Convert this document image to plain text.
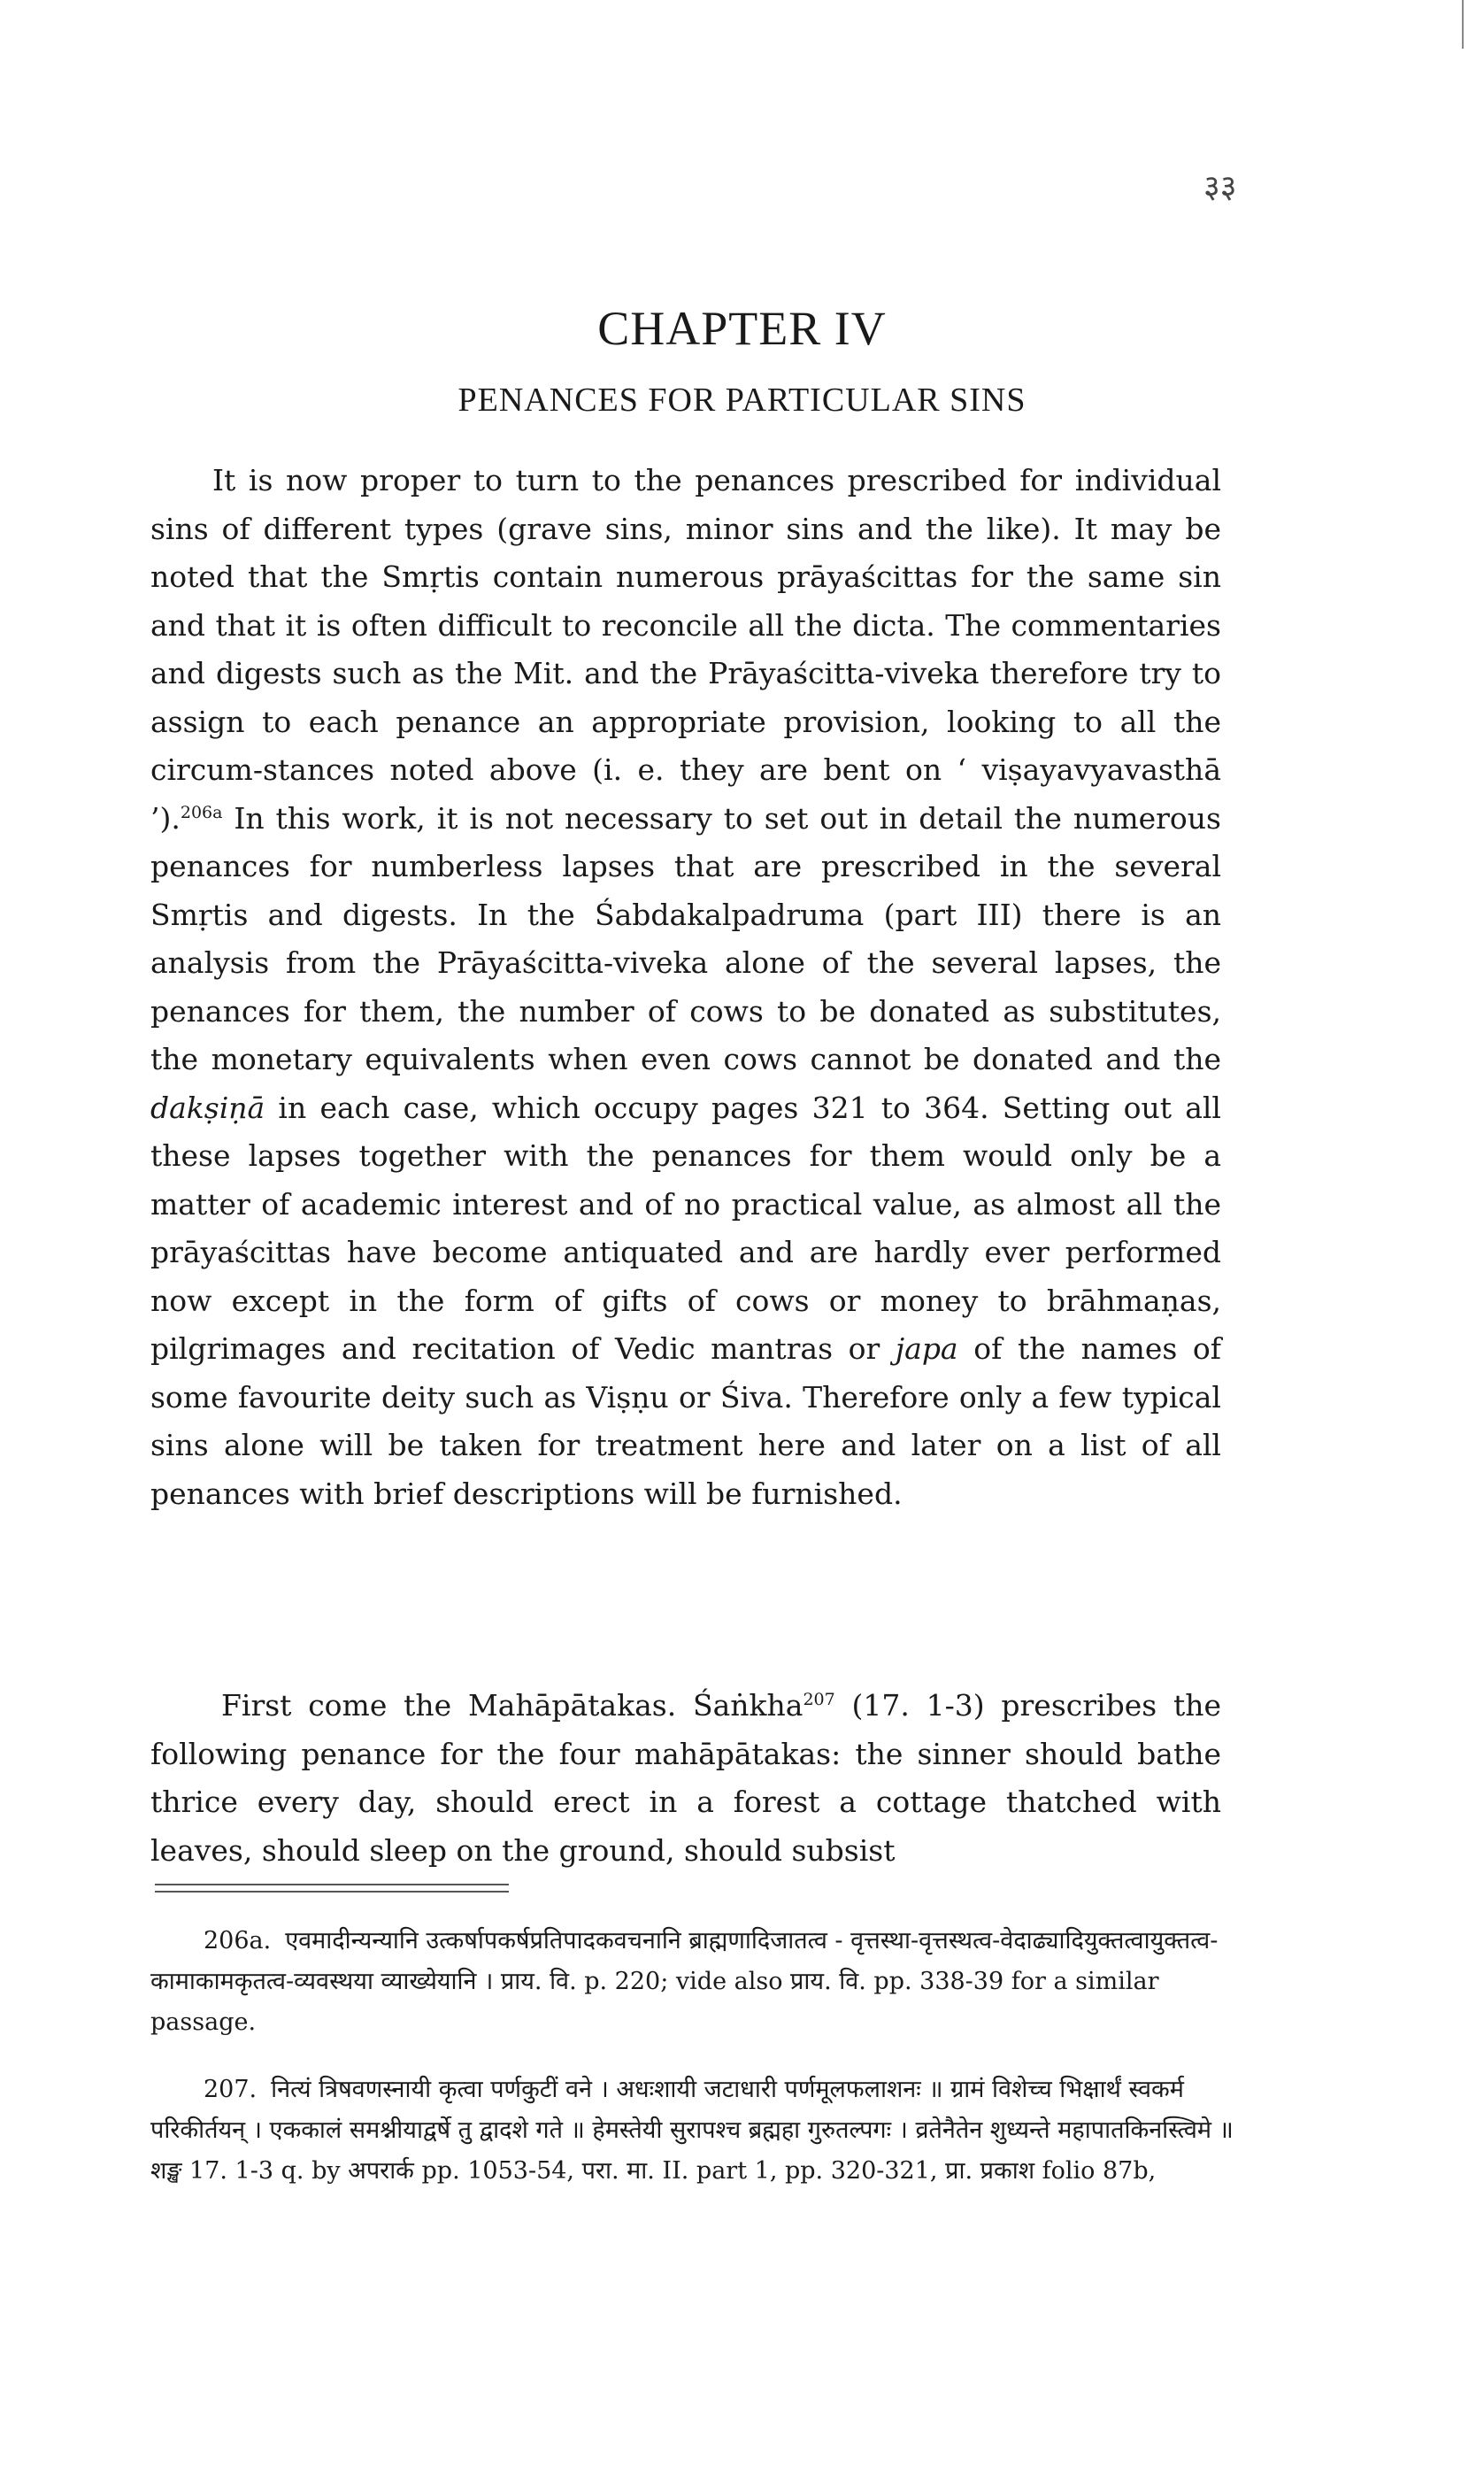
३३
CHAPTER IV
PENANCES FOR PARTICULAR SINS
It is now proper to turn to the penances prescribed for individual sins of different types (grave sins, minor sins and the like). It may be noted that the Smṛtis contain numerous prāyaścittas for the same sin and that it is often difficult to reconcile all the dicta. The commentaries and digests such as the Mit. and the Prāyaścitta-viveka therefore try to assign to each penance an appropriate provision, looking to all the circum-stances noted above (i. e. they are bent on ‘ viṣayavyavasthā ’).$^{206a}$ In this work, it is not necessary to set out in detail the numerous penances for numberless lapses that are prescribed in the several Smṛtis and digests. In the Śabdakalpadruma (part III) there is an analysis from the Prāyaścitta-viveka alone of the several lapses, the penances for them, the number of cows to be donated as substitutes, the monetary equivalents when even cows cannot be donated and the dakṣiṇā in each case, which occupy pages 321 to 364. Setting out all these lapses together with the penances for them would only be a matter of academic interest and of no practical value, as almost all the prāyaścittas have become antiquated and are hardly ever performed now except in the form of gifts of cows or money to brāhmaṇas, pilgrimages and recitation of Vedic mantras or japa of the names of some favourite deity such as Viṣṇu or Śiva. Therefore only a few typical sins alone will be taken for treatment here and later on a list of all penances with brief descriptions will be furnished.
First come the Mahāpātakas. Śaṅkha$^{207}$ (17. 1-3) prescribes the following penance for the four mahāpātakas: the sinner should bathe thrice every day, should erect in a forest a cottage thatched with leaves, should sleep on the ground, should subsist
206a. एवमादीन्यन्यानि उत्कर्षापकर्षप्रतिपादकवचनानि ब्राह्मणादिजातत्व - वृत्तस्था-वृत्तस्थत्व-वेदाढ्यादियुक्तत्वायुक्तत्व-कामाकामकृतत्व-व्यवस्थया व्याख्येयानि । प्राय. वि. p. 220; vide also प्राय. वि. pp. 338-39 for a similar passage.
207. नित्यं त्रिषवणस्नायी कृत्वा पर्णकुटीं वने । अधःशायी जटाधारी पर्णमूलफलाशनः ॥ ग्रामं विशेच्च भिक्षार्थं स्वकर्म परिकीर्तयन् । एककालं समश्नीयाद्वर्षे तु द्वादशे गते ॥ हेमस्तेयी सुरापश्च ब्रह्महा गुरुतल्पगः । व्रतेनैतेन शुध्यन्ते महापातकिनस्त्विमे ॥ शङ्ख 17. 1-3 q. by अपरार्क pp. 1053-54, परा. मा. II. part 1, pp. 320-321, प्रा. प्रकाश folio 87b,
